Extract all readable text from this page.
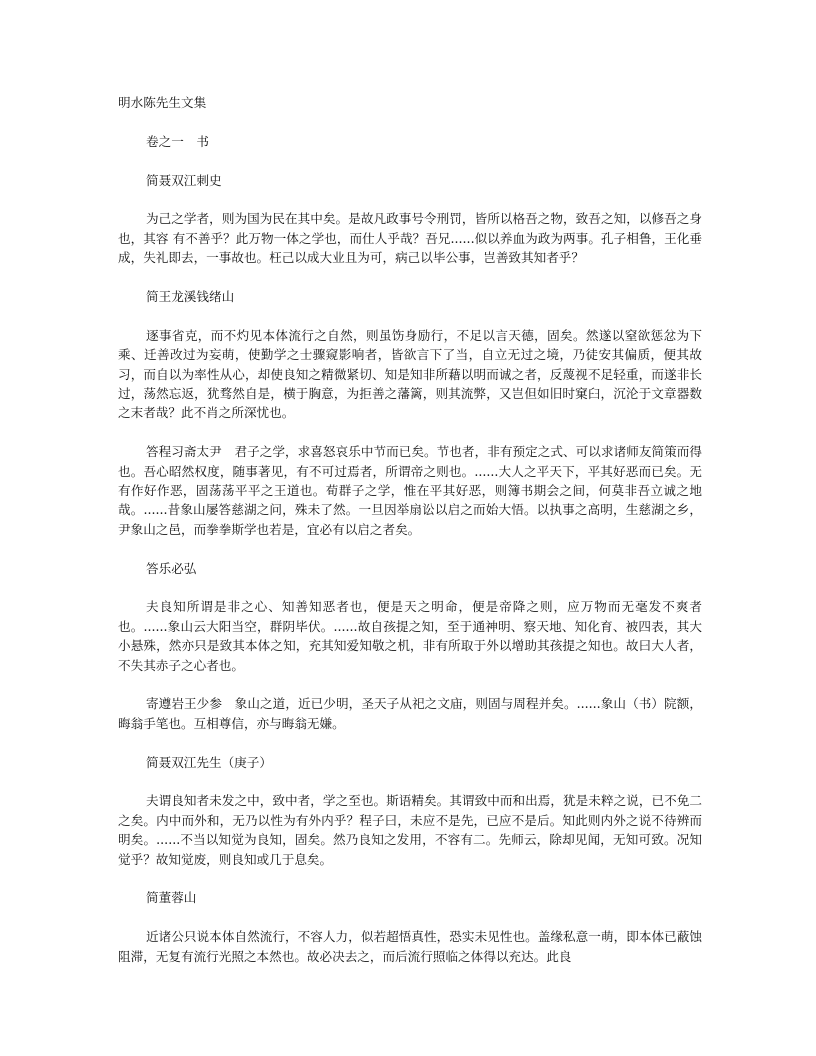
明水陈先生文集

卷之一　书

简聂双江刺史

为己之学者，则为国为民在其中矣。是故凡政事号令刑罚，皆所以格吾之物，致吾之知，以修吾之身也，其容 有不善乎？此万物一体之学也，而仕人乎哉？吾兄......似以养血为政为两事。孔子相鲁，王化垂成，失礼即去，一事故也。枉己以成大业且为可，病己以毕公事，岂善致其知者乎？

简王龙溪钱绪山

逐事省克，而不灼见本体流行之自然，则虽饬身励行，不足以言天德，固矣。然遂以窒欲惩忿为下乘、迁善改过为妄萌，使勤学之士骤窥影响者，皆欲言下了当，自立无过之境，乃徒安其偏质，便其故习，而自以为率性从心，却使良知之精微紧切、知是知非所藉以明而诚之者，反蔑视不足轻重，而遂非长过，荡然忘返，犹骛然自是，横于胸意，为拒善之藩篱，则其流弊，又岂但如旧时窠臼，沉沦于文章器数之末者哉？此不肖之所深忧也。

答程习斋太尹　君子之学，求喜怒哀乐中节而已矣。节也者，非有预定之式、可以求诸师友简策而得也。吾心昭然权度，随事著见，有不可过焉者，所谓帝之则也。......大人之平天下，平其好恶而已矣。无有作好作恶，固荡荡平平之王道也。荀群子之学，惟在平其好恶，则簿书期会之间，何莫非吾立诚之地哉。......昔象山屡答慈湖之问，殊未了然。一旦因举扇讼以启之而始大悟。以执事之高明，生慈湖之乡，尹象山之邑，而拳拳斯学也若是，宜必有以启之者矣。

答乐必弘

夫良知所谓是非之心、知善知恶者也，便是天之明命，便是帝降之则，应万物而无毫发不爽者也。......象山云大阳当空，群阴毕伏。......故自孩提之知，至于通神明、察天地、知化育、被四表，其大小悬殊，然亦只是致其本体之知，充其知爱知敬之机，非有所取于外以增助其孩提之知也。故曰大人者，不失其赤子之心者也。

寄遵岩王少参　象山之道，近已少明，圣天子从祀之文庙，则固与周程并矣。......象山（书）院额，晦翁手笔也。互相尊信，亦与晦翁无嫌。

简聂双江先生（庚子）

夫谓良知者未发之中，致中者，学之至也。斯语精矣。其谓致中而和出焉，犹是未粹之说，已不免二之矣。内中而外和，无乃以性为有外内乎？程子曰，未应不是先，已应不是后。知此则内外之说不待辨而明矣。......不当以知觉为良知，固矣。然乃良知之发用，不容有二。先师云，除却见闻，无知可致。况知觉乎？故知觉废，则良知或几于息矣。

简董蓉山

近诸公只说本体自然流行，不容人力，似若超悟真性，恐实未见性也。盖缘私意一萌，即本体已蔽蚀阻滞，无复有流行光照之本然也。故必决去之，而后流行照临之体得以充达。此良
